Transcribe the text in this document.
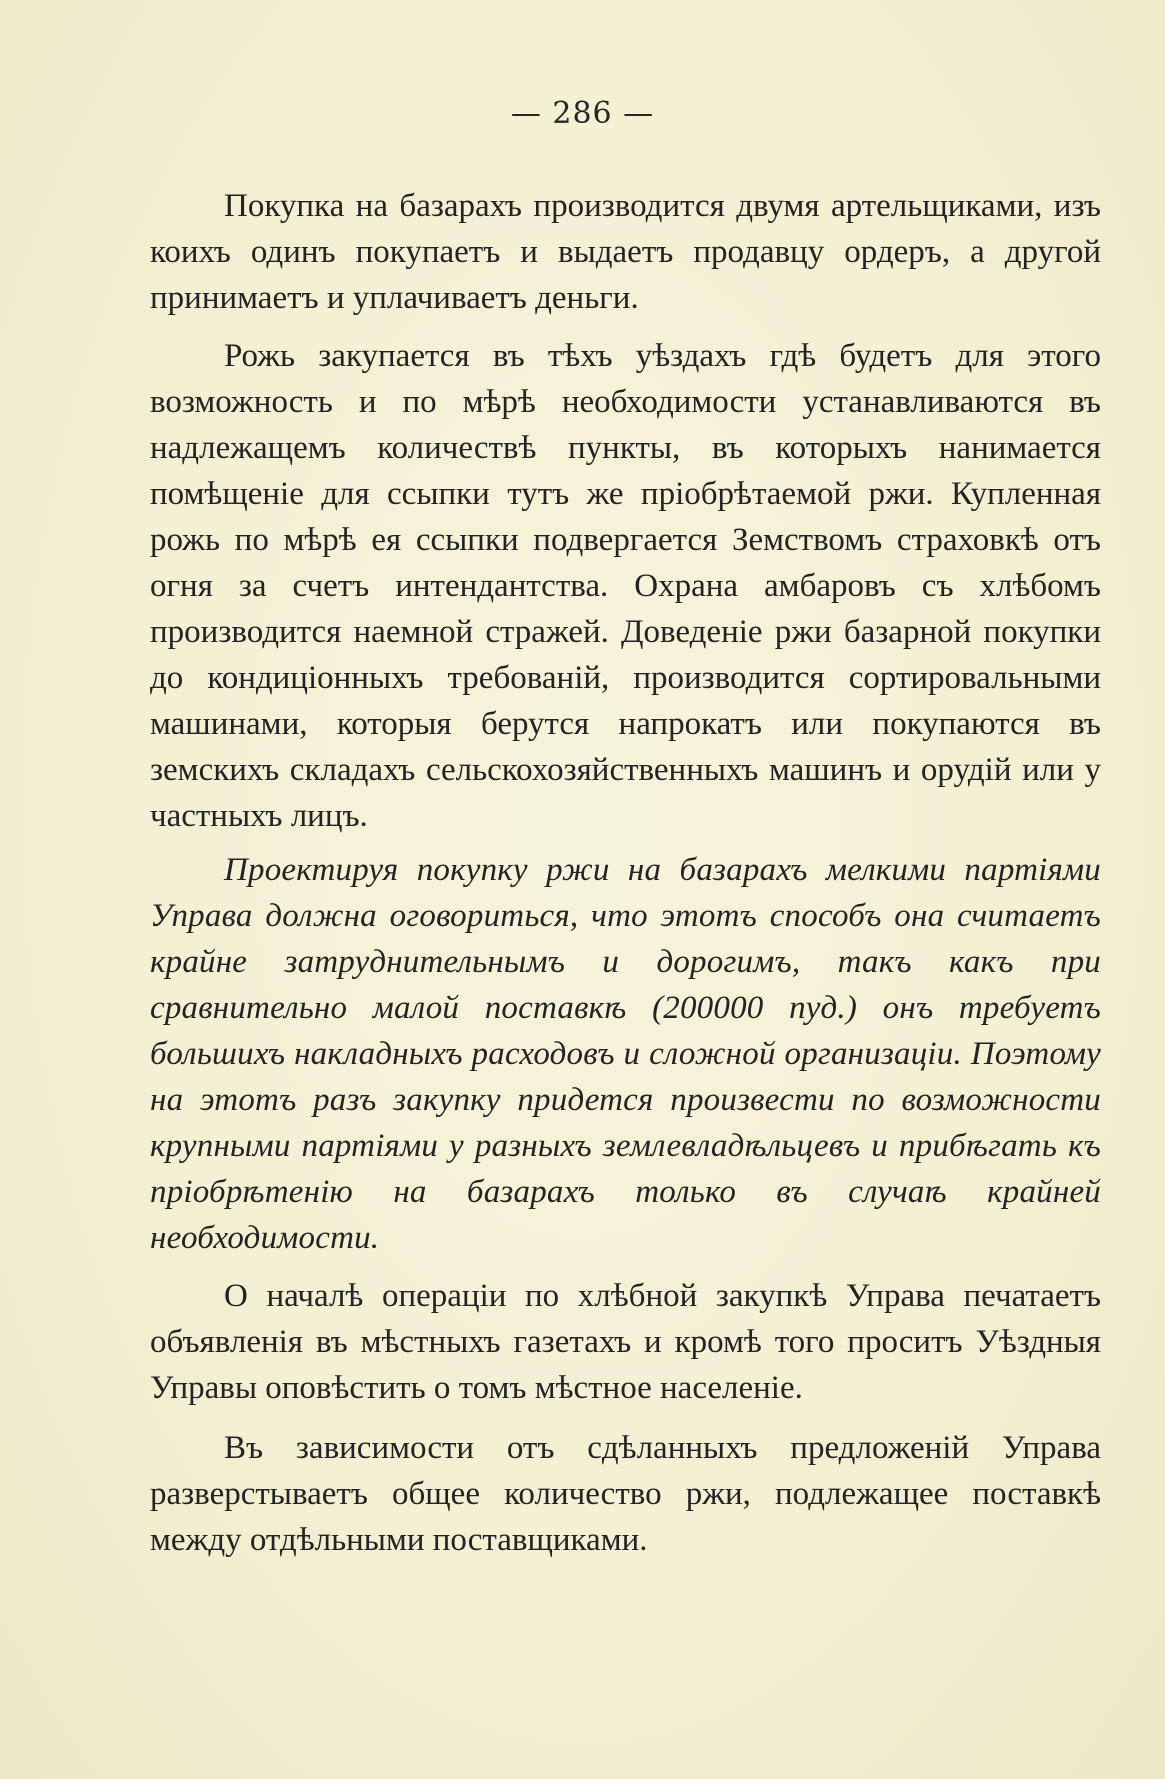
— 286 —

Покупка на базарахъ производится двумя артельщиками, изъ коихъ одинъ покупаетъ и выдаетъ продавцу ордеръ, а другой принимаетъ и уплачиваетъ деньги.

Рожь закупается въ тѣхъ уѣздахъ гдѣ будетъ для этого возможность и по мѣрѣ необходимости устанавливаются въ надлежащемъ количествѣ пункты, въ которыхъ нанимается помѣщеніе для ссыпки тутъ же пріобрѣтаемой ржи. Купленная рожь по мѣрѣ ея ссыпки подвергается Земствомъ страховкѣ отъ огня за счетъ интендантства. Охрана амбаровъ съ хлѣбомъ производится наемной стражей. Доведеніе ржи базарной покупки до кондиціонныхъ требованій, производится сортировальными машинами, которыя берутся напрокатъ или покупаются въ земскихъ складахъ сельскохозяйственныхъ машинъ и орудій или у частныхъ лицъ.

Проектируя покупку ржи на базарахъ мелкими партіями Управа должна оговориться, что этотъ способъ она считаетъ крайне затруднительнымъ и дорогимъ, такъ какъ при сравнительно малой поставкѣ (200000 пуд.) онъ требуетъ большихъ накладныхъ расходовъ и сложной организаціи. Поэтому на этотъ разъ закупку придется произвести по возможности крупными партіями у разныхъ землевладѣльцевъ и прибѣгать къ пріобрѣтенію на базарахъ только въ случаѣ крайней необходимости.

О началѣ операціи по хлѣбной закупкѣ Управа печатаетъ объявленія въ мѣстныхъ газетахъ и кромѣ того проситъ Уѣздныя Управы оповѣстить о томъ мѣстное населеніе.

Въ зависимости отъ сдѣланныхъ предложеній Управа разверстываетъ общее количество ржи, подлежащее поставкѣ между отдѣльными поставщиками.
